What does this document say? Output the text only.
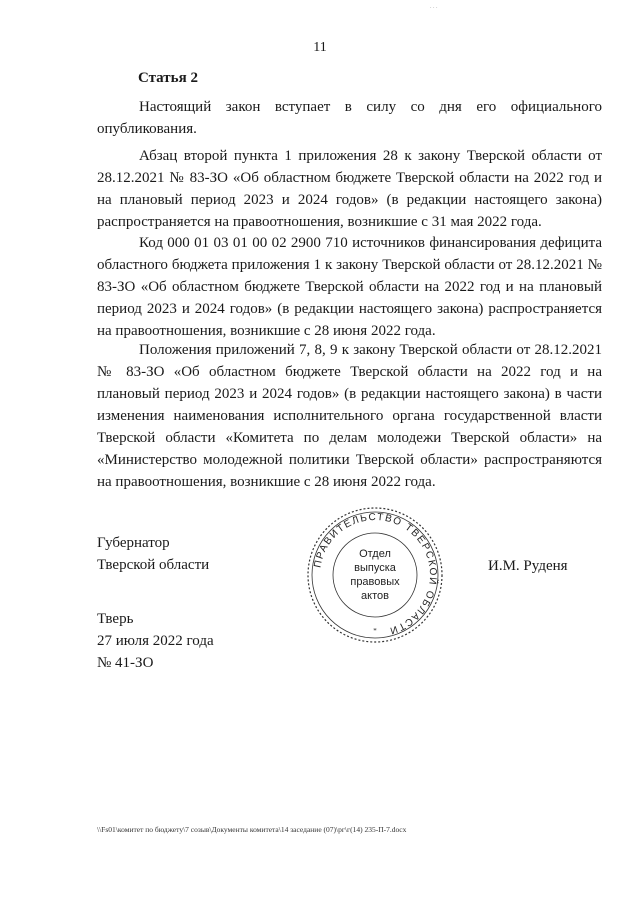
. . .
11
Статья 2

Настоящий закон вступает в силу со дня его официального опубликования.

Абзац второй пункта 1 приложения 28 к закону Тверской области от 28.12.2021 № 83-ЗО «Об областном бюджете Тверской области на 2022 год и на плановый период 2023 и 2024 годов» (в редакции настоящего закона) распространяется на правоотношения, возникшие с 31 мая 2022 года.

Код 000 01 03 01 00 02 2900 710 источников финансирования дефицита областного бюджета приложения 1 к закону Тверской области от 28.12.2021 № 83-ЗО «Об областном бюджете Тверской области на 2022 год и на плановый период 2023 и 2024 годов» (в редакции настоящего закона) распространяется на правоотношения, возникшие с 28 июня 2022 года.

Положения приложений 7, 8, 9 к закону Тверской области от 28.12.2021 № 83-ЗО «Об областном бюджете Тверской области на 2022 год и на плановый период 2023 и 2024 годов» (в редакции настоящего закона) в части изменения наименования исполнительного органа государственной власти Тверской области «Комитета по делам молодежи Тверской области» на «Министерство молодежной политики Тверской области» распространяются на правоотношения, возникшие с 28 июня 2022 года.

Губернатор
Тверской области	ПРАВИТЕЛЬСТВО ТВЕРСКОЙ ОБЛАСТИ
*
Отдел
выпуска
правовых
актов
И.М. Руденя
Тверь
27 июля 2022 года
№ 41-ЗО
\\Fs01\комитет по бюджету\7 созыв\Документы комитета\14 заседание (07)\рг\г(14) 235-П-7.docx
